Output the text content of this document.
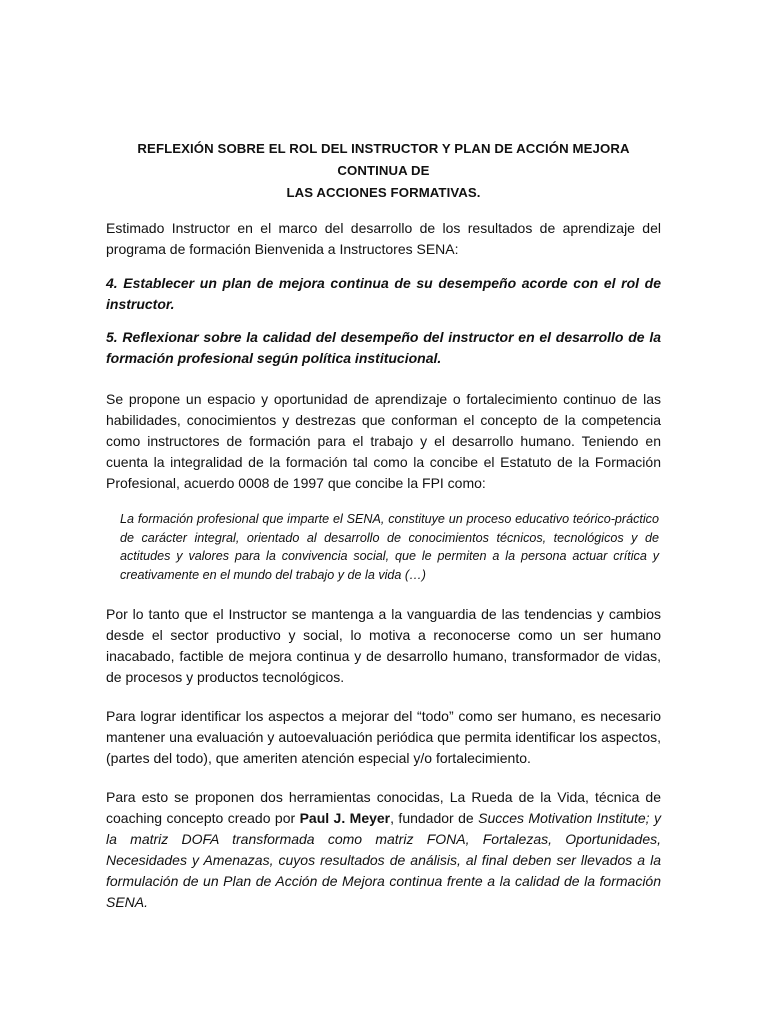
REFLEXIÓN SOBRE EL ROL DEL INSTRUCTOR Y PLAN DE ACCIÓN MEJORA CONTINUA DE
LAS ACCIONES FORMATIVAS.

Estimado Instructor en el marco del desarrollo de los resultados de aprendizaje del programa de formación Bienvenida a Instructores SENA:

4. Establecer un plan de mejora continua de su desempeño acorde con el rol de instructor.

5. Reflexionar sobre la calidad del desempeño del instructor en el desarrollo de la formación profesional según política institucional.

Se propone un espacio y oportunidad de aprendizaje o fortalecimiento continuo de las habilidades, conocimientos y destrezas que conforman el concepto de la competencia como instructores de formación para el trabajo y el desarrollo humano. Teniendo en cuenta la integralidad de la formación tal como la concibe el Estatuto de la Formación Profesional, acuerdo 0008 de 1997 que concibe la FPI como:

La formación profesional que imparte el SENA, constituye un proceso educativo teórico-práctico de carácter integral, orientado al desarrollo de conocimientos técnicos, tecnológicos y de actitudes y valores para la convivencia social, que le permiten a la persona actuar crítica y creativamente en el mundo del trabajo y de la vida (…)

Por lo tanto que el Instructor se mantenga a la vanguardia de las tendencias y cambios desde el sector productivo y social, lo motiva a reconocerse como un ser humano inacabado, factible de mejora continua y de desarrollo humano, transformador de vidas, de procesos y productos tecnológicos.

Para lograr identificar los aspectos a mejorar del “todo” como ser humano, es necesario mantener una evaluación y autoevaluación periódica que permita identificar los aspectos, (partes del todo), que ameriten atención especial y/o fortalecimiento.

Para esto se proponen dos herramientas conocidas, La Rueda de la Vida, técnica de coaching concepto creado por Paul J. Meyer, fundador de Succes Motivation Institute; y la matriz DOFA transformada como matriz FONA, Fortalezas, Oportunidades, Necesidades y Amenazas, cuyos resultados de análisis, al final deben ser llevados a la formulación de un Plan de Acción de Mejora continua frente a la calidad de la formación SENA.
